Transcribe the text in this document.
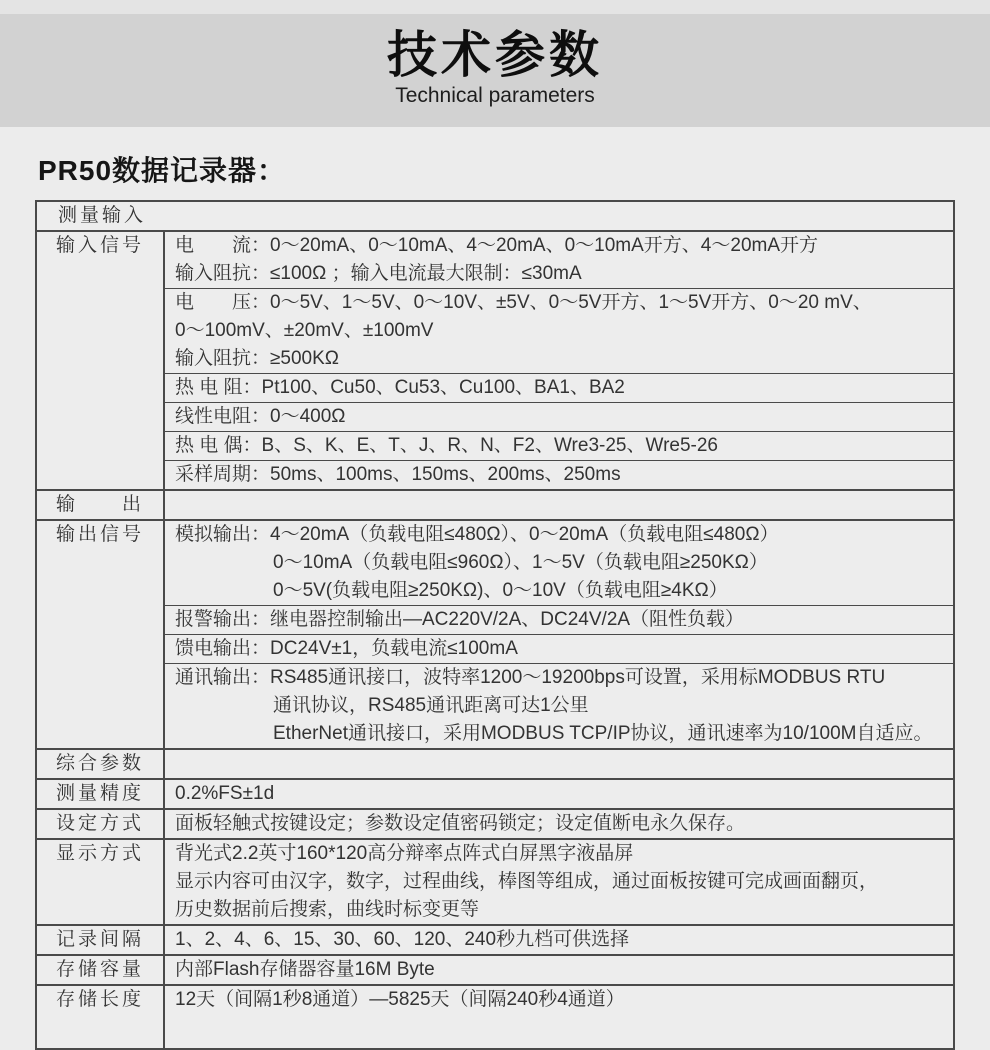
技术参数
Technical parameters
PR50数据记录器：
测量输入
输入信号	电　　流：0～20mA、0～10mA、4～20mA、0～10mA开方、4～20mA开方
输入阻抗：≤100Ω ；输入电流最大限制：≤30mA
电　　压：0～5V、1～5V、0～10V、±5V、0～5V开方、1～5V开方、0～20 mV、
0～100mV、±20mV、±100mV
输入阻抗：≥500KΩ
热 电 阻：Pt100、Cu50、Cu53、Cu100、BA1、BA2
线性电阻：0～400Ω
热 电 偶：B、S、K、E、T、J、R、N、F2、Wre3-25、Wre5-26
采样周期：50ms、100ms、150ms、200ms、250ms
输　　出
输出信号	模拟输出：4～20mA（负载电阻≤480Ω）、0～20mA（负载电阻≤480Ω）
0～10mA（负载电阻≤960Ω）、1～5V（负载电阻≥250KΩ）
0～5V(负载电阻≥250KΩ)、0～10V（负载电阻≥4KΩ）
报警输出：继电器控制输出—AC220V/2A、DC24V/2A（阻性负载）
馈电输出：DC24V±1，负载电流≤100mA
通讯输出：RS485通讯接口，波特率1200～19200bps可设置，采用标MODBUS RTU
通讯协议，RS485通讯距离可达1公里
EtherNet通讯接口，采用MODBUS TCP/IP协议，通讯速率为10/100M自适应。
综合参数
测量精度	0.2%FS±1d
设定方式	面板轻触式按键设定；参数设定值密码锁定；设定值断电永久保存。
显示方式	背光式2.2英寸160*120高分辩率点阵式白屏黑字液晶屏
显示内容可由汉字，数字，过程曲线，棒图等组成，通过面板按键可完成画面翻页，
历史数据前后搜索，曲线时标变更等
记录间隔	1、2、4、6、15、30、60、120、240秒九档可供选择
存储容量	内部Flash存储器容量16M Byte
存储长度	12天（间隔1秒8通道）—5825天（间隔240秒4通道）
